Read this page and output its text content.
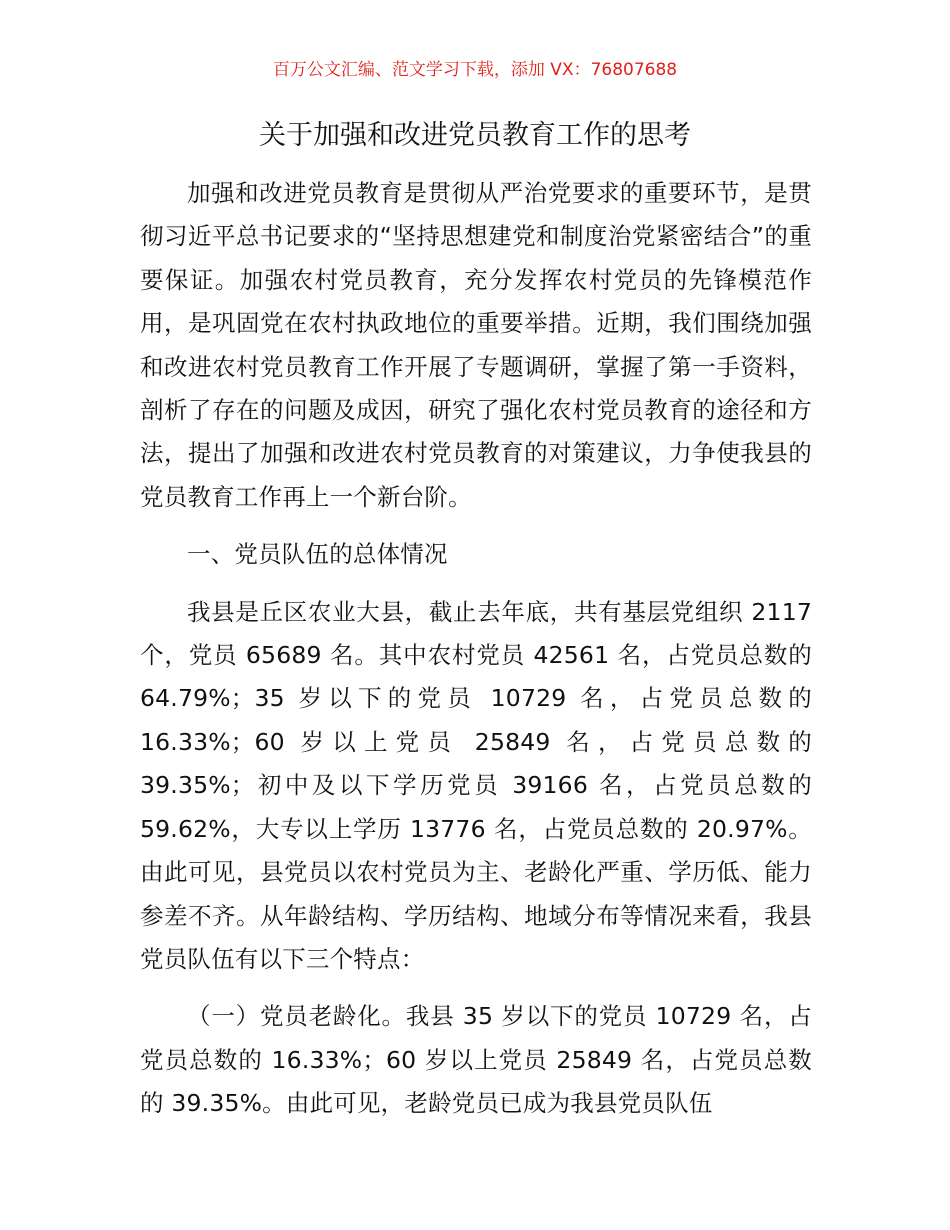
百万公文汇编、范文学习下载，添加 VX：76807688
关于加强和改进党员教育工作的思考

加强和改进党员教育是贯彻从严治党要求的重要环节，是贯彻习近平总书记要求的“坚持思想建党和制度治党紧密结合”的重要保证。加强农村党员教育，充分发挥农村党员的先锋模范作用，是巩固党在农村执政地位的重要举措。近期，我们围绕加强和改进农村党员教育工作开展了专题调研，掌握了第一手资料，剖析了存在的问题及成因，研究了强化农村党员教育的途径和方法，提出了加强和改进农村党员教育的对策建议，力争使我县的党员教育工作再上一个新台阶。

一、党员队伍的总体情况

我县是丘区农业大县，截止去年底，共有基层党组织 2117 个，党员 65689 名。其中农村党员 42561 名，占党员总数的 64.79%；35 岁以下的党员 10729 名，占党员总数的 16.33%；60 岁以上党员 25849 名，占党员总数的 39.35%；初中及以下学历党员 39166 名，占党员总数的 59.62%，大专以上学历 13776 名，占党员总数的 20.97%。由此可见，县党员以农村党员为主、老龄化严重、学历低、能力参差不齐。从年龄结构、学历结构、地域分布等情况来看，我县党员队伍有以下三个特点：

（一）党员老龄化。我县 35 岁以下的党员 10729 名，占党员总数的 16.33%；60 岁以上党员 25849 名，占党员总数的 39.35%。由此可见，老龄党员已成为我县党员队伍
